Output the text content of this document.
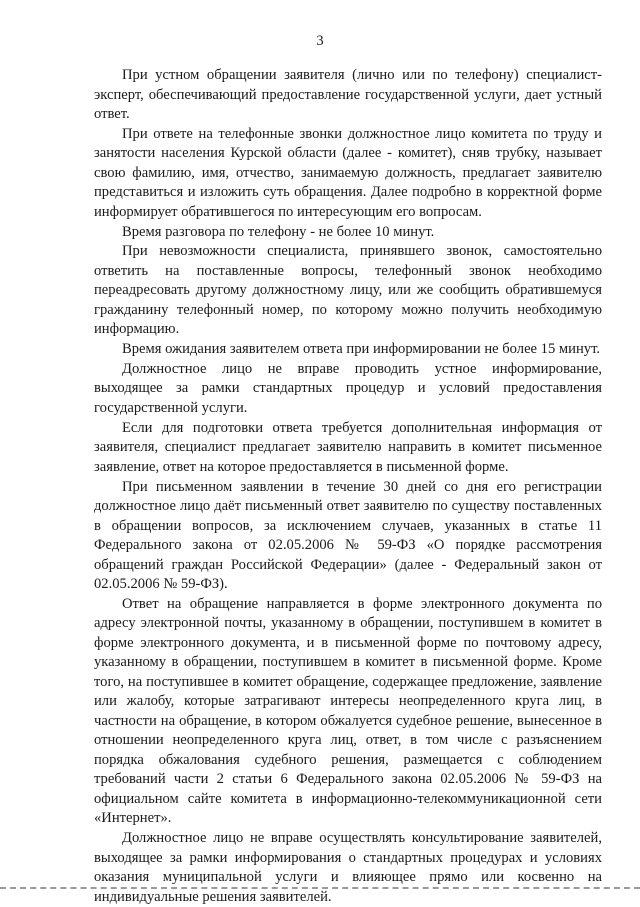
3

При устном обращении заявителя (лично или по телефону) специалист-эксперт, обеспечивающий предоставление государственной услуги, дает устный ответ.

При ответе на телефонные звонки должностное лицо комитета по труду и занятости населения Курской области (далее - комитет), сняв трубку, называет свою фамилию, имя, отчество, занимаемую должность, предлагает заявителю представиться и изложить суть обращения. Далее подробно в корректной форме информирует обратившегося по интересующим его вопросам.

Время разговора по телефону - не более 10 минут.

При невозможности специалиста, принявшего звонок, самостоятельно ответить на поставленные вопросы, телефонный звонок необходимо переадресовать другому должностному лицу, или же сообщить обратившемуся гражданину телефонный номер, по которому можно получить необходимую информацию.

Время ожидания заявителем ответа при информировании не более 15 минут.

Должностное лицо не вправе проводить устное информирование, выходящее за рамки стандартных процедур и условий предоставления государственной услуги.

Если для подготовки ответа требуется дополнительная информация от заявителя, специалист предлагает заявителю направить в комитет письменное заявление, ответ на которое предоставляется в письменной форме.

При письменном заявлении в течение 30 дней со дня его регистрации должностное лицо даёт письменный ответ заявителю по существу поставленных в обращении вопросов, за исключением случаев, указанных в статье 11 Федерального закона от 02.05.2006 № 59-ФЗ «О порядке рассмотрения обращений граждан Российской Федерации» (далее - Федеральный закон от 02.05.2006 № 59-ФЗ).

Ответ на обращение направляется в форме электронного документа по адресу электронной почты, указанному в обращении, поступившем в комитет в форме электронного документа, и в письменной форме по почтовому адресу, указанному в обращении, поступившем в комитет в письменной форме. Кроме того, на поступившее в комитет обращение, содержащее предложение, заявление или жалобу, которые затрагивают интересы неопределенного круга лиц, в частности на обращение, в котором обжалуется судебное решение, вынесенное в отношении неопределенного круга лиц, ответ, в том числе с разъяснением порядка обжалования судебного решения, размещается с соблюдением требований части 2 статьи 6 Федерального закона 02.05.2006 № 59-ФЗ на официальном сайте комитета в информационно-телекоммуникационной сети «Интернет».

Должностное лицо не вправе осуществлять консультирование заявителей, выходящее за рамки информирования о стандартных процедурах и условиях оказания муниципальной услуги и влияющее прямо или косвенно на индивидуальные решения заявителей.
